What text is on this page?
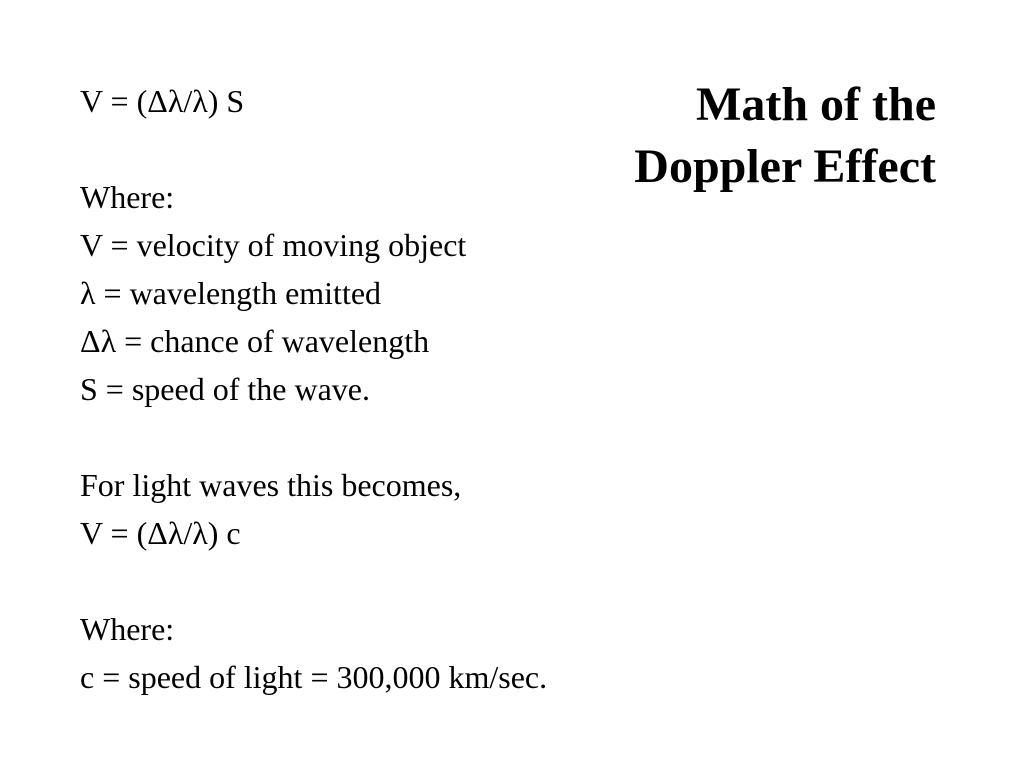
Math of the
Doppler Effect
V = (Δλ/λ) S
Where:
V = velocity of moving object
λ = wavelength emitted
Δλ = chance of wavelength
S = speed of the wave.
For light waves this becomes,
V = (Δλ/λ) c
Where:
c = speed of light = 300,000 km/sec.
